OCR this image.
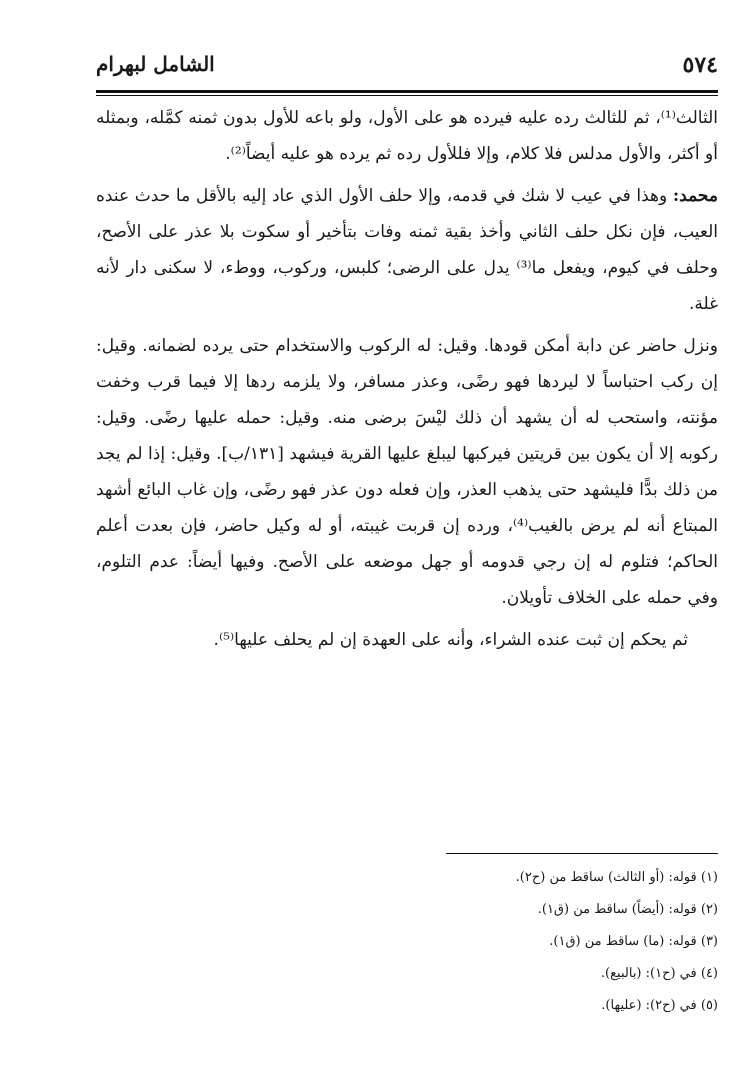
٥٧٤
الشامل لبهرام

الثالث⁽¹⁾، ثم للثالث رده عليه فيرده هو على الأول، ولو باعه للأول بدون ثمنه كمَّله، وبمثله أو أكثر، والأول مدلس فلا كلام، وإلا فللأول رده ثم يرده هو عليه أيضاً⁽²⁾.

محمد: وهذا في عيب لا شك في قدمه، وإلا حلف الأول الذي عاد إليه بالأقل ما حدث عنده العيب، فإن نكل حلف الثاني وأخذ بقية ثمنه وفات بتأخير أو سكوت بلا عذر على الأصح، وحلف في كيوم، ويفعل ما⁽³⁾ يدل على الرضى؛ كلبس، وركوب، ووطء، لا سكنى دار لأنه غلة.

ونزل حاضر عن دابة أمكن قودها. وقيل: له الركوب والاستخدام حتى يرده لضمانه. وقيل: إن ركب احتباساً لا ليردها فهو رضًى، وعذر مسافر، ولا يلزمه ردها إلا فيما قرب وخفت مؤنته، واستحب له أن يشهد أن ذلك ليْسَ برضى منه. وقيل: حمله عليها رضًى. وقيل: ركوبه إلا أن يكون بين قريتين فيركبها ليبلغ عليها القرية فيشهد [١٣١/ب]. وقيل: إذا لم يجد من ذلك بدًّا فليشهد حتى يذهب العذر، وإن فعله دون عذر فهو رضًى، وإن غاب البائع أشهد المبتاع أنه لم يرض بالغيب⁽⁴⁾، ورده إن قربت غيبته، أو له وكيل حاضر، فإن بعدت أعلم الحاكم؛ فتلوم له إن رجي قدومه أو جهل موضعه على الأصح. وفيها أيضاً: عدم التلوم، وفي حمله على الخلاف تأويلان.

ثم يحكم إن ثبت عنده الشراء، وأنه على العهدة إن لم يحلف عليها⁽⁵⁾.

(١) قوله: (أو الثالث) ساقط من (ح٢).
(٢) قوله: (أيضاً) ساقط من (ق١).
(٣) قوله: (ما) ساقط من (ق١).
(٤) في (ح١): (بالبيع).
(٥) في (ح٢): (عليها).
